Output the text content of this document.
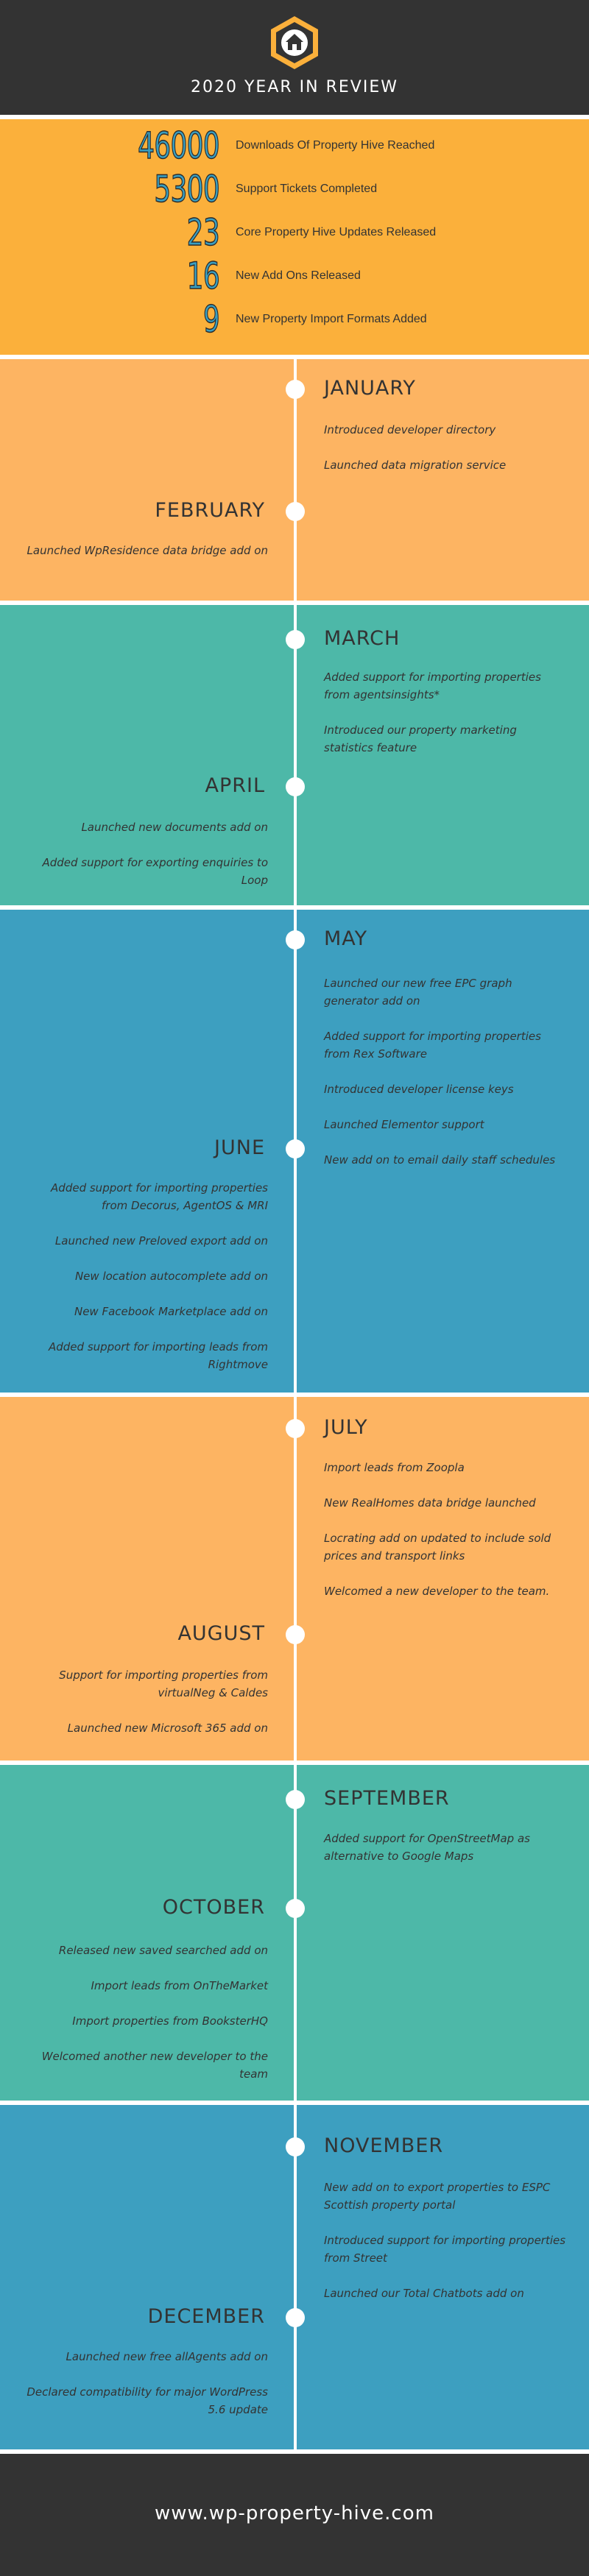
2020 YEAR IN REVIEW
46000 Downloads Of Property Hive Reached
5300 Support Tickets Completed
23 Core Property Hive Updates Released
16 New Add Ons Released
9 New Property Import Formats Added
JANUARY
Introduced developer directory
Launched data migration service
FEBRUARY
Launched WpResidence data bridge add on
MARCH
Added support for importing properties from agentsinsights*
Introduced our property marketing statistics feature
APRIL
Launched new documents add on
Added support for exporting enquiries to Loop
MAY
Launched our new free EPC graph generator add on
Added support for importing properties from Rex Software
Introduced developer license keys
Launched Elementor support
New add on to email daily staff schedules
JUNE
Added support for importing properties from Decorus, AgentOS & MRI
Launched new Preloved export add on
New location autocomplete add on
New Facebook Marketplace add on
Added support for importing leads from Rightmove
JULY
Import leads from Zoopla
New RealHomes data bridge launched
Locrating add on updated to include sold prices and transport links
Welcomed a new developer to the team.
AUGUST
Support for importing properties from virtualNeg & Caldes
Launched new Microsoft 365 add on
SEPTEMBER
Added support for OpenStreetMap as alternative to Google Maps
OCTOBER
Released new saved searched add on
Import leads from OnTheMarket
Import properties from BooksterHQ
Welcomed another new developer to the team
NOVEMBER
New add on to export properties to ESPC Scottish property portal
Introduced support for importing properties from Street
Launched our Total Chatbots add on
DECEMBER
Launched new free allAgents add on
Declared compatibility for major WordPress 5.6 update
www.wp-property-hive.com
